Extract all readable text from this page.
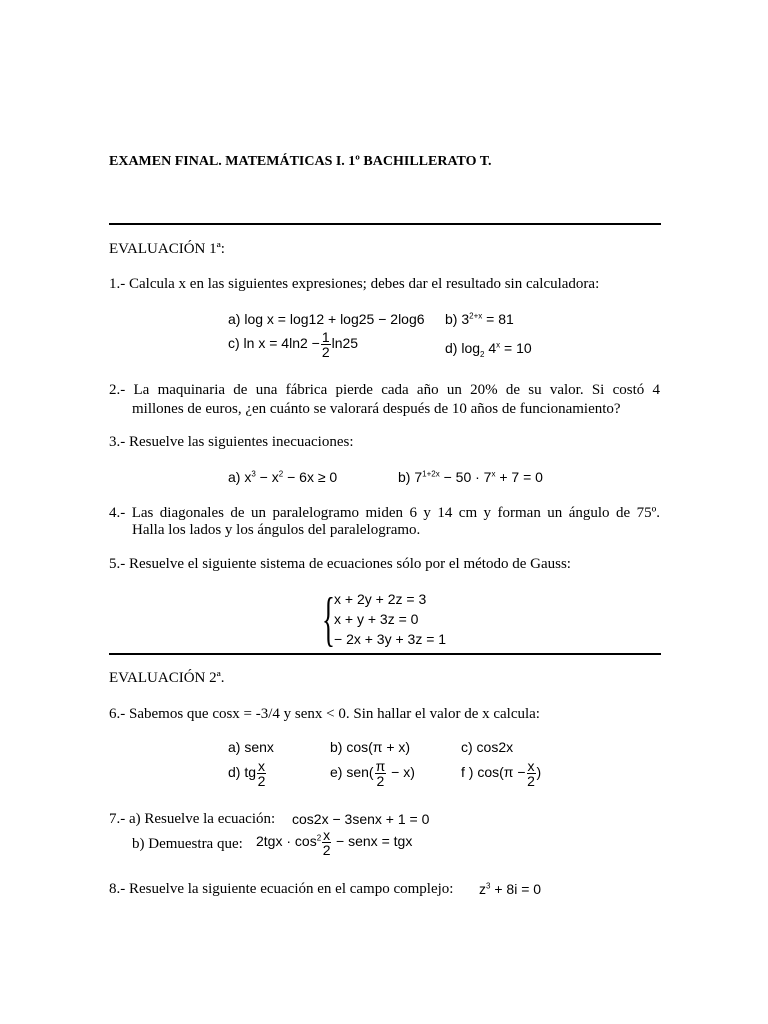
EXAMEN FINAL. MATEMÁTICAS I. 1º BACHILLERATO T.
EVALUACIÓN 1ª:
1.- Calcula x en las siguientes expresiones; debes dar el resultado sin calculadora:
a) log x = log12 + log25 − 2log6 b) $3^{2+x} = 81$
c) $\ln x = 4\ln 2 - \frac{1}{2} \ln 25$	d) $\log_2 4^x = 10$
2.- La maquinaria de una fábrica pierde cada año un 20% de su valor. Si costó 4
millones de euros, ¿en cuánto se valorará después de 10 años de funcionamiento?
3.- Resuelve las siguientes inecuaciones:
a) $x^3 - x^2 - 6x \ge 0$	b) $7^{1+2x} - 50 \cdot 7^x + 7 = 0$
4.- Las diagonales de un paralelogramo miden 6 y 14 cm y forman un ángulo de 75º.
Halla los lados y los ángulos del paralelogramo.
5.- Resuelve el siguiente sistema de ecuaciones sólo por el método de Gauss:
{ x + 2y + 2z = 3
x + y + 3z = 0
− 2x + 3y + 3z = 1
EVALUACIÓN 2ª.
6.- Sabemos que cosx = -3/4 y senx < 0. Sin hallar el valor de x calcula:
a) senx	b) cos(π + x)	c) cos2x
d) tg $\frac{x}{2}$	e) $sen( \frac{\pi}{2} - x)$	f ) $\cos(\pi - \frac{x}{2}$ )
7.- a) Resuelve la ecuación: cos2x − 3senx + 1 = 0
b) Demuestra que: $2tgx \cdot \cos^2 \frac{x}{2}$ − senx = tgx
8.- Resuelve la siguiente ecuación en el campo complejo: $z^3 + 8i = 0$
